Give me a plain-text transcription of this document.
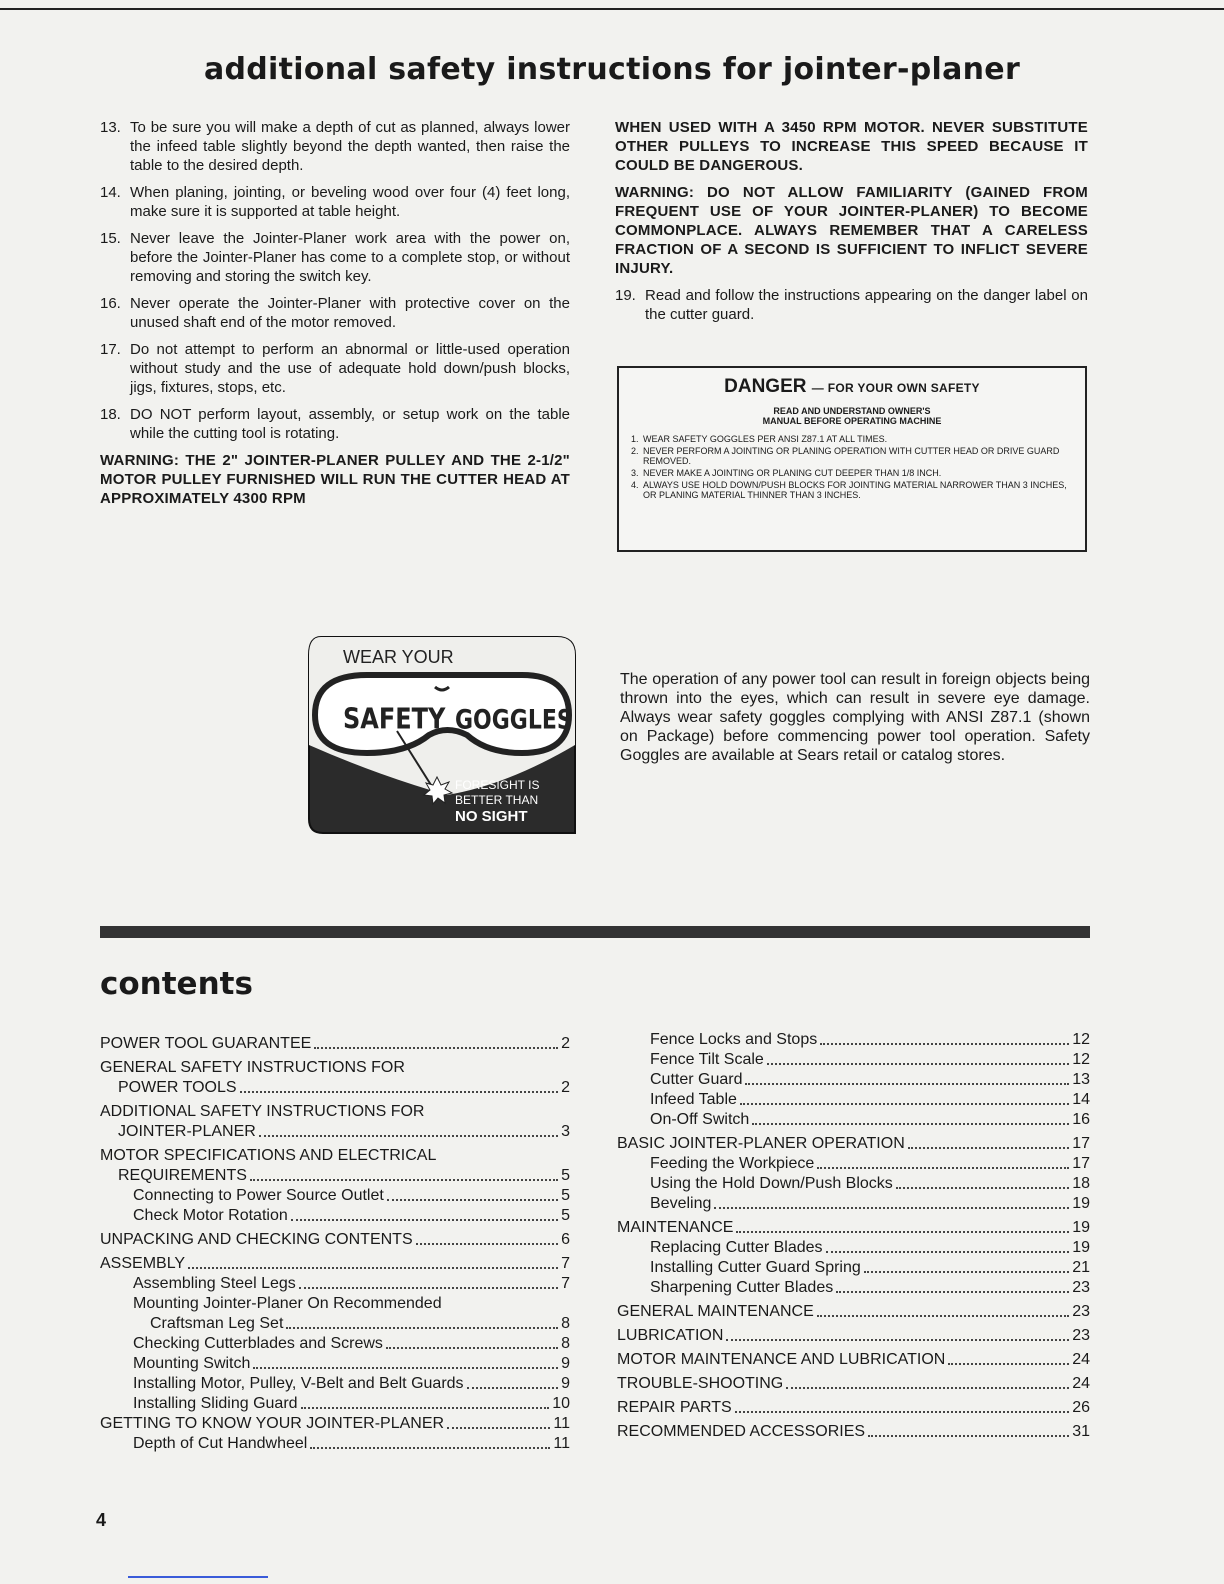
additional safety instructions for jointer-planer
13. To be sure you will make a depth of cut as planned, always lower the infeed table slightly beyond the depth wanted, then raise the table to the desired depth.
14. When planing, jointing, or beveling wood over four (4) feet long, make sure it is supported at table height.
15. Never leave the Jointer-Planer work area with the power on, before the Jointer-Planer has come to a complete stop, or without removing and storing the switch key.
16. Never operate the Jointer-Planer with protective cover on the unused shaft end of the motor removed.
17. Do not attempt to perform an abnormal or little-used operation without study and the use of adequate hold down/push blocks, jigs, fixtures, stops, etc.
18. DO NOT perform layout, assembly, or setup work on the table while the cutting tool is rotating.
WARNING: THE 2" JOINTER-PLANER PULLEY AND THE 2-1/2" MOTOR PULLEY FURNISHED WILL RUN THE CUTTER HEAD AT APPROXIMATELY 4300 RPM
WHEN USED WITH A 3450 RPM MOTOR. NEVER SUBSTITUTE OTHER PULLEYS TO INCREASE THIS SPEED BECAUSE IT COULD BE DANGEROUS.
WARNING: DO NOT ALLOW FAMILIARITY (GAINED FROM FREQUENT USE OF YOUR JOINTER-PLANER) TO BECOME COMMONPLACE. ALWAYS REMEMBER THAT A CARELESS FRACTION OF A SECOND IS SUFFICIENT TO INFLICT SEVERE INJURY.
19. Read and follow the instructions appearing on the danger label on the cutter guard.
DANGER — FOR YOUR OWN SAFETY
READ AND UNDERSTAND OWNER'S
MANUAL BEFORE OPERATING MACHINE
1. WEAR SAFETY GOGGLES PER ANSI Z87.1 AT ALL TIMES.
2. NEVER PERFORM A JOINTING OR PLANING OPERATION WITH CUTTER HEAD OR DRIVE GUARD REMOVED.
3. NEVER MAKE A JOINTING OR PLANING CUT DEEPER THAN 1/8 INCH.
4. ALWAYS USE HOLD DOWN/PUSH BLOCKS FOR JOINTING MATERIAL NARROWER THAN 3 INCHES, OR PLANING MATERIAL THINNER THAN 3 INCHES.
WEAR YOUR
SAFETY GOGGLES
FORESIGHT IS
BETTER THAN
NO SIGHT
The operation of any power tool can result in foreign objects being thrown into the eyes, which can result in severe eye damage. Always wear safety goggles complying with ANSI Z87.1 (shown on Package) before commencing power tool operation. Safety Goggles are available at Sears retail or catalog stores.
contents
POWER TOOL GUARANTEE	2
GENERAL SAFETY INSTRUCTIONS FOR
POWER TOOLS	2
ADDITIONAL SAFETY INSTRUCTIONS FOR
JOINTER-PLANER	3
MOTOR SPECIFICATIONS AND ELECTRICAL
REQUIREMENTS	5
Connecting to Power Source Outlet	5
Check Motor Rotation	5
UNPACKING AND CHECKING CONTENTS	6
ASSEMBLY	7
Assembling Steel Legs	7
Mounting Jointer-Planer On Recommended
Craftsman Leg Set	8
Checking Cutterblades and Screws	8
Mounting Switch	9
Installing Motor, Pulley, V-Belt and Belt Guards	9
Installing Sliding Guard	10
GETTING TO KNOW YOUR JOINTER-PLANER	11
Depth of Cut Handwheel	11
Fence Locks and Stops	12
Fence Tilt Scale	12
Cutter Guard	13
Infeed Table	14
On-Off Switch	16
BASIC JOINTER-PLANER OPERATION	17
Feeding the Workpiece	17
Using the Hold Down/Push Blocks	18
Beveling	19
MAINTENANCE	19
Replacing Cutter Blades	19
Installing Cutter Guard Spring	21
Sharpening Cutter Blades	23
GENERAL MAINTENANCE	23
LUBRICATION	23
MOTOR MAINTENANCE AND LUBRICATION	24
TROUBLE-SHOOTING	24
REPAIR PARTS	26
RECOMMENDED ACCESSORIES	31
4
